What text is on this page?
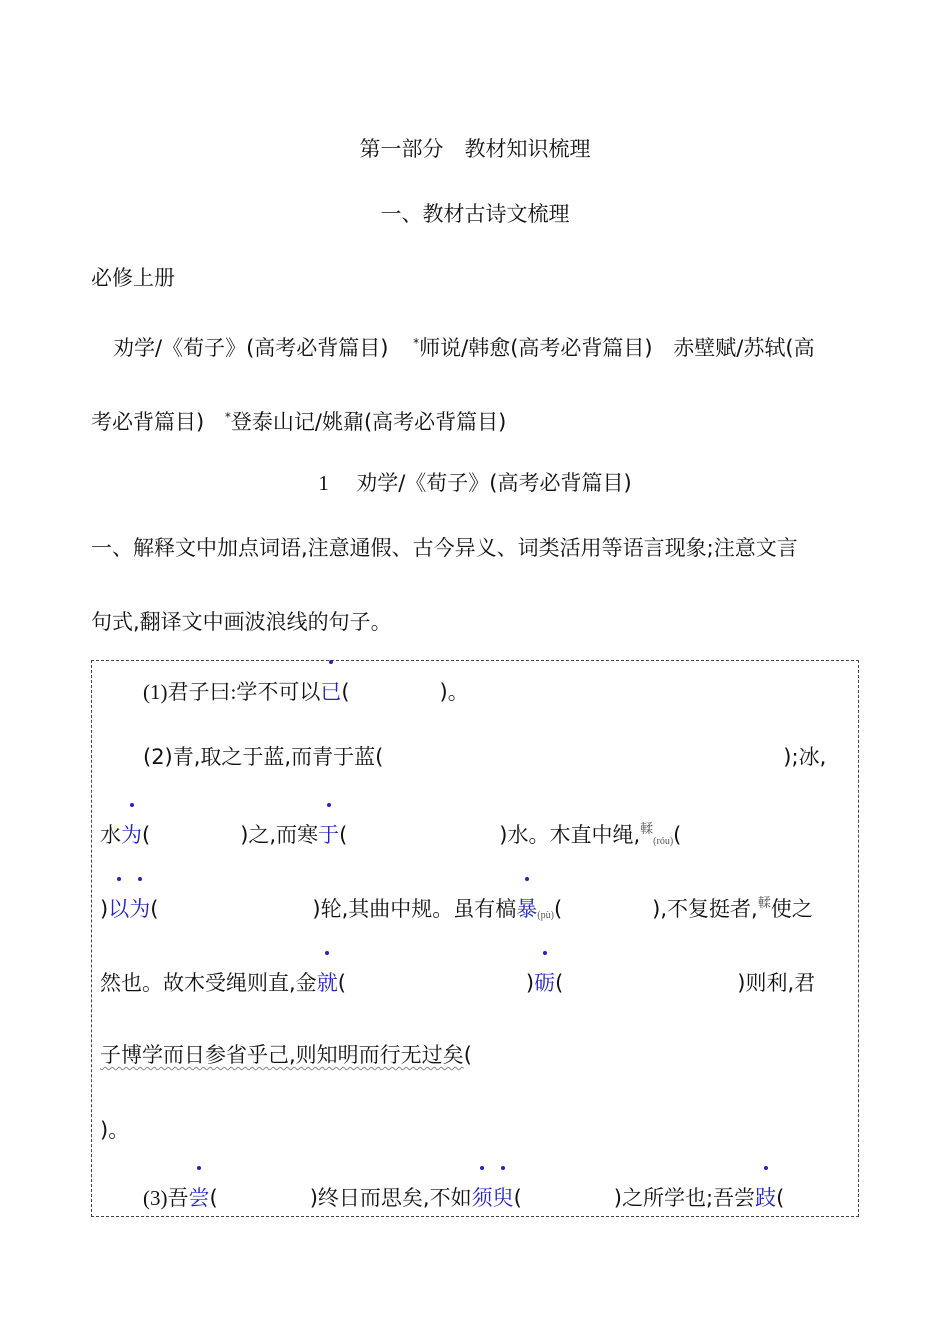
第一部分　教材知识梳理
一、教材古诗文梳理
必修上册
劝学/《荀子》(高考必背篇目) *师说/韩愈(高考必背篇目) 赤壁赋/苏轼(高
考必背篇目) *登泰山记/姚鼐(高考必背篇目)
1 劝学/《荀子》(高考必背篇目)
一、解释文中加点词语,注意通假、古今异义、词类活用等语言现象;注意文言
句式,翻译文中画波浪线的句子。
(1)君子曰:学不可以
已(	)。
(2)青,取之于蓝,而青于蓝(	);冰,
水
为(	)之,而寒
于(	)水。木直中绳,$^輮$(róu)(
)
以为(	)轮,其曲中规。虽有槁
暴(pù)(	),不复挺者,$^輮$使之
然也。故木受绳则直,金
就(	)
砺(	)则利,君
子博学而日参省乎己,则知明而行无过矣(
)。
(3)吾
尝(	)终日而思矣,不如
须臾(	)之所学也;吾尝
跂(
